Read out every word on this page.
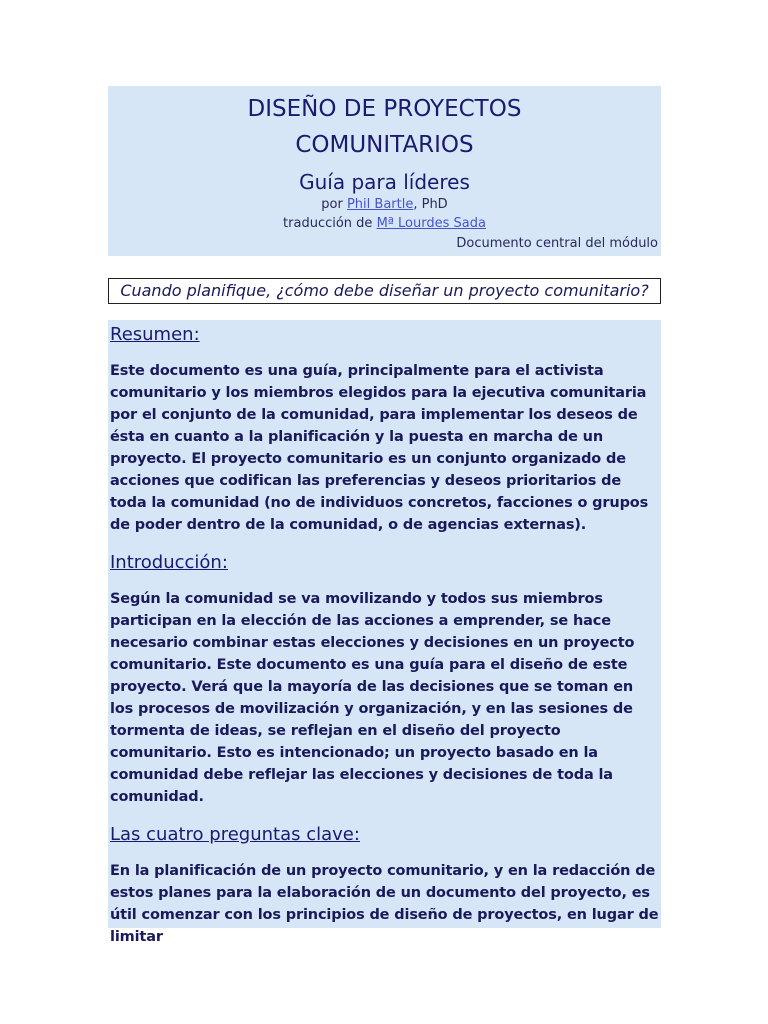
DISEÑO DE PROYECTOS
COMUNITARIOS
Guía para líderes
por Phil Bartle, PhD
traducción de Mª Lourdes Sada
Documento central del módulo
Cuando planifique, ¿cómo debe diseñar un proyecto comunitario?
Resumen:

Este documento es una guía, principalmente para el activista comunitario y los miembros elegidos para la ejecutiva comunitaria por el conjunto de la comunidad, para implementar los deseos de ésta en cuanto a la planificación y la puesta en marcha de un proyecto. El proyecto comunitario es un conjunto organizado de acciones que codifican las preferencias y deseos prioritarios de toda la comunidad (no de individuos concretos, facciones o grupos de poder dentro de la comunidad, o de agencias externas).

Introducción:

Según la comunidad se va movilizando y todos sus miembros participan en la elección de las acciones a emprender, se hace necesario combinar estas elecciones y decisiones en un proyecto comunitario. Este documento es una guía para el diseño de este proyecto. Verá que la mayoría de las decisiones que se toman en los procesos de movilización y organización, y en las sesiones de tormenta de ideas, se reflejan en el diseño del proyecto comunitario. Esto es intencionado; un proyecto basado en la comunidad debe reflejar las elecciones y decisiones de toda la comunidad.

Las cuatro preguntas clave:

En la planificación de un proyecto comunitario, y en la redacción de estos planes para la elaboración de un documento del proyecto, es útil comenzar con los principios de diseño de proyectos, en lugar de limitar
